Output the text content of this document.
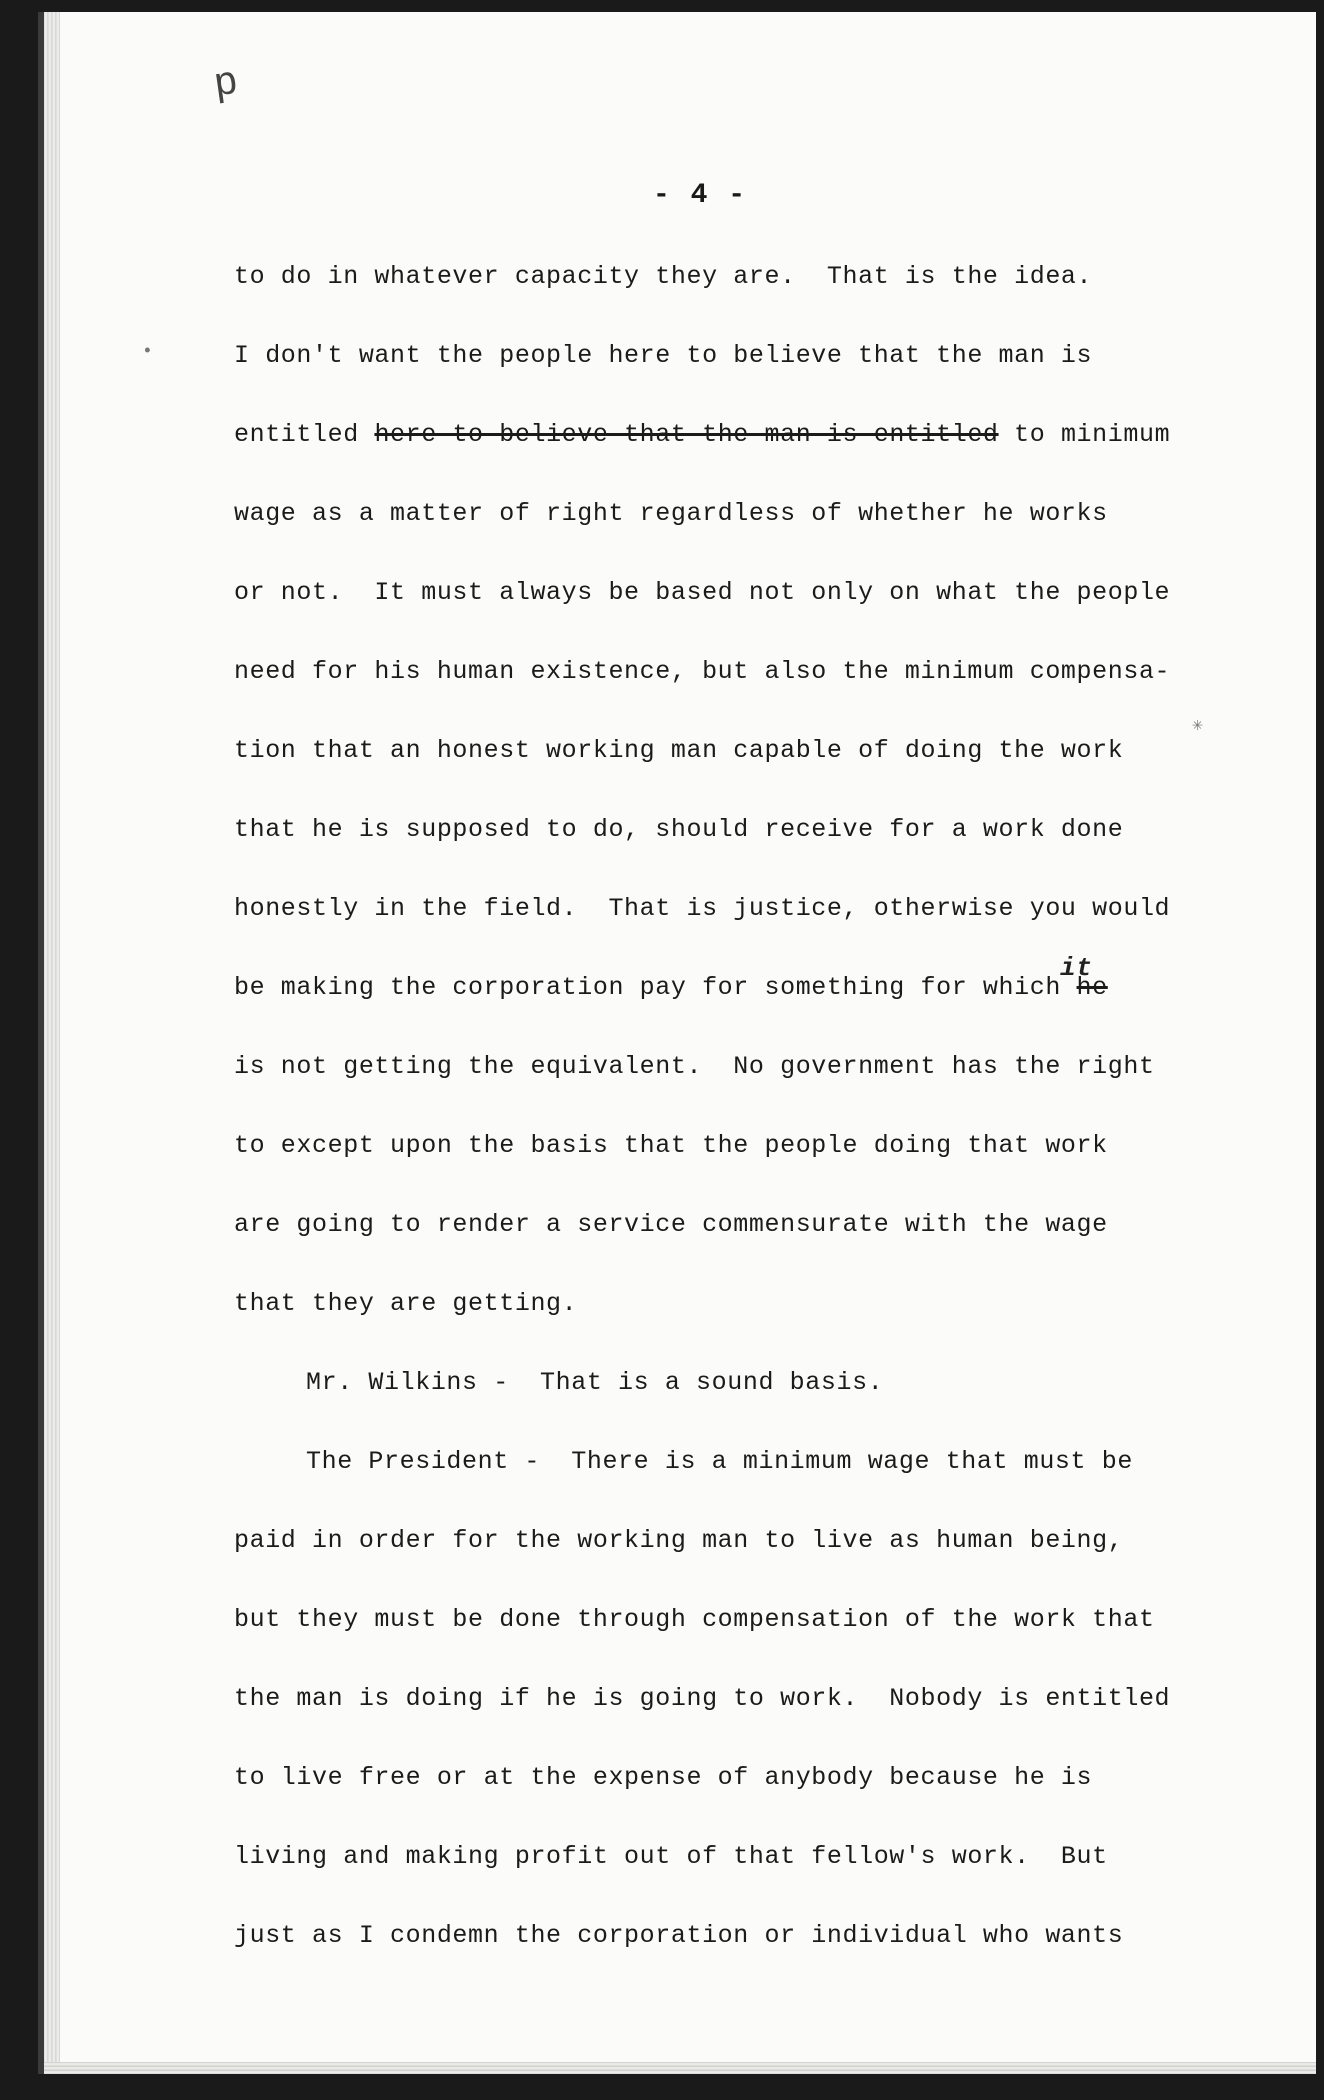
p
•
✳
- 4 -
to do in whatever capacity they are.  That is the idea.
I don't want the people here to believe that the man is
entitled here to believe that the man is entitled to minimum
wage as a matter of right regardless of whether he works
or not.  It must always be based not only on what the people
need for his human existence, but also the minimum compensa-
tion that an honest working man capable of doing the work
that he is supposed to do, should receive for a work done
honestly in the field.  That is justice, otherwise you would
be making the corporation pay for something for which he
it
is not getting the equivalent.  No government has the right
to except upon the basis that the people doing that work
are going to render a service commensurate with the wage
that they are getting.
Mr. Wilkins -  That is a sound basis.
The President -  There is a minimum wage that must be
paid in order for the working man to live as human being,
but they must be done through compensation of the work that
the man is doing if he is going to work.  Nobody is entitled
to live free or at the expense of anybody because he is
living and making profit out of that fellow's work.  But
just as I condemn the corporation or individual who wants
